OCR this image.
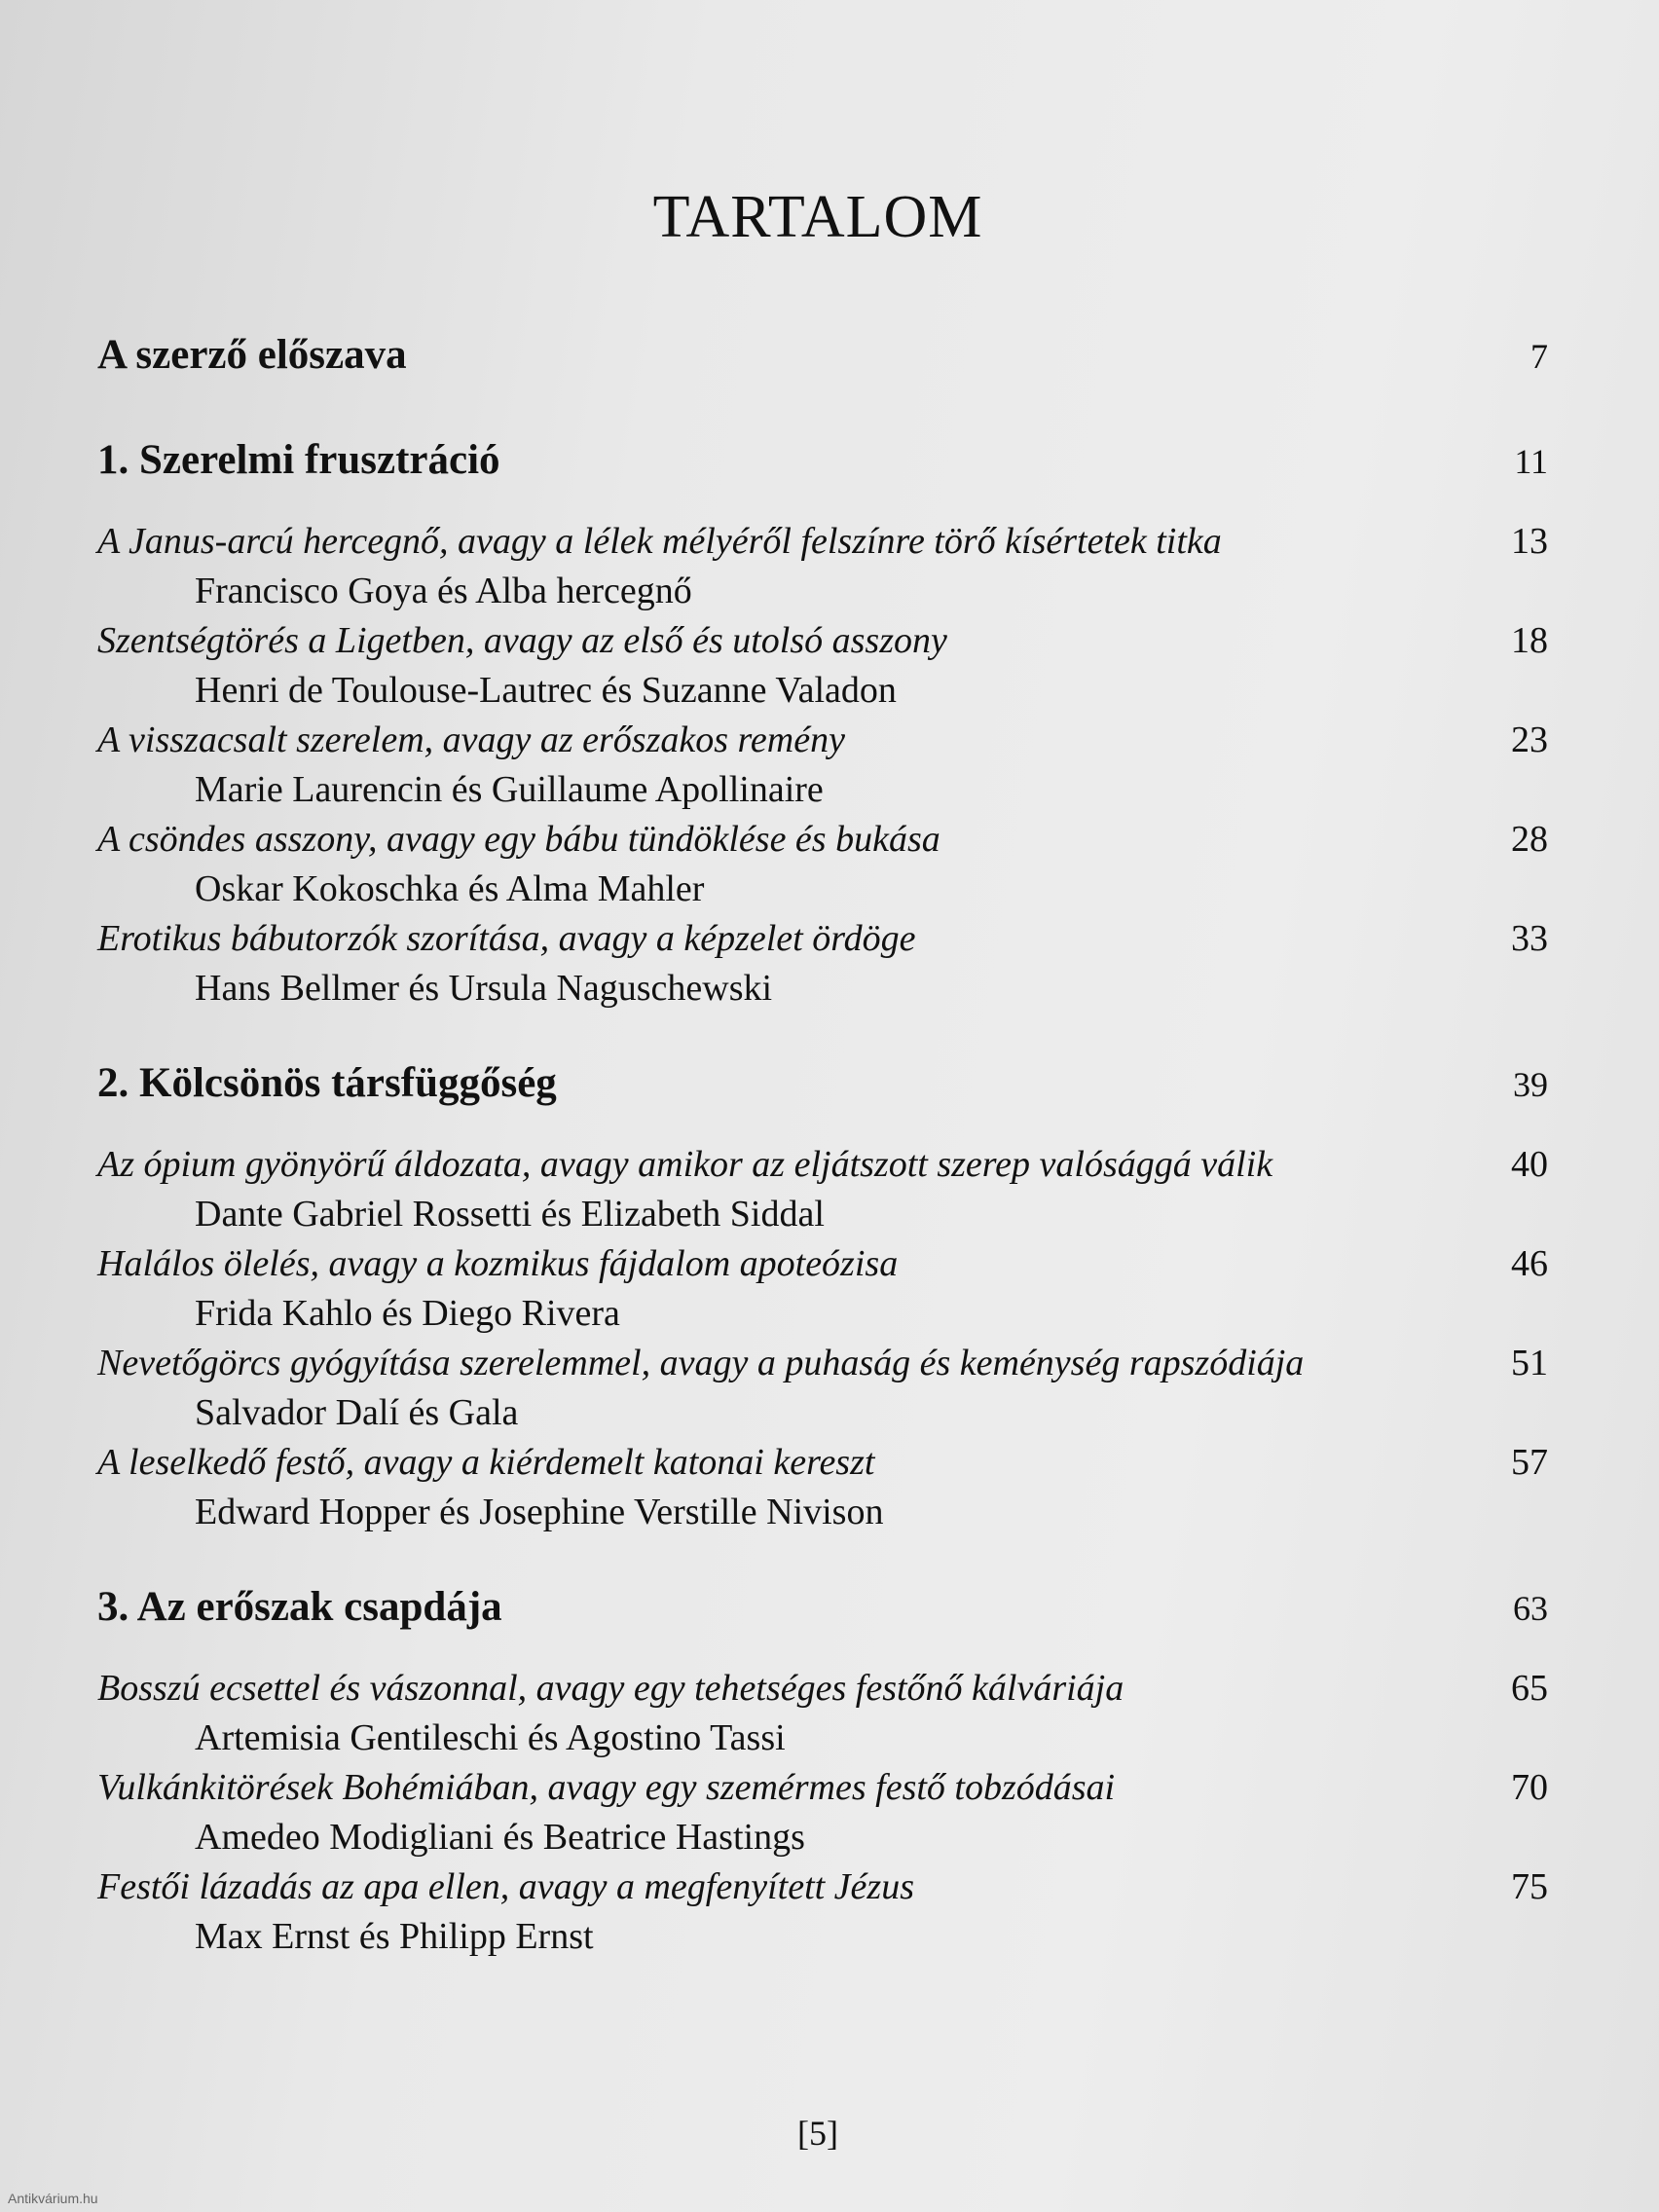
TARTALOM
A szerző előszava	7
1. Szerelmi frusztráció	11
A Janus-arcú hercegnő, avagy a lélek mélyéről felszínre törő kísértetek titka	13
Francisco Goya és Alba hercegnő
Szentségtörés a Ligetben, avagy az első és utolsó asszony	18
Henri de Toulouse-Lautrec és Suzanne Valadon
A visszacsalt szerelem, avagy az erőszakos remény	23
Marie Laurencin és Guillaume Apollinaire
A csöndes asszony, avagy egy bábu tündöklése és bukása	28
Oskar Kokoschka és Alma Mahler
Erotikus bábutorzók szorítása, avagy a képzelet ördöge	33
Hans Bellmer és Ursula Naguschewski
2. Kölcsönös társfüggőség	39
Az ópium gyönyörű áldozata, avagy amikor az eljátszott szerep valósággá válik	40
Dante Gabriel Rossetti és Elizabeth Siddal
Halálos ölelés, avagy a kozmikus fájdalom apoteózisa	46
Frida Kahlo és Diego Rivera
Nevetőgörcs gyógyítása szerelemmel, avagy a puhaság és keménység rapszódiája	51
Salvador Dalí és Gala
A leselkedő festő, avagy a kiérdemelt katonai kereszt	57
Edward Hopper és Josephine Verstille Nivison
3. Az erőszak csapdája	63
Bosszú ecsettel és vászonnal, avagy egy tehetséges festőnő kálváriája	65
Artemisia Gentileschi és Agostino Tassi
Vulkánkitörések Bohémiában, avagy egy szemérmes festő tobzódásai	70
Amedeo Modigliani és Beatrice Hastings
Festői lázadás az apa ellen, avagy a megfenyített Jézus	75
Max Ernst és Philipp Ernst
[5]
Antikvárium.hu
